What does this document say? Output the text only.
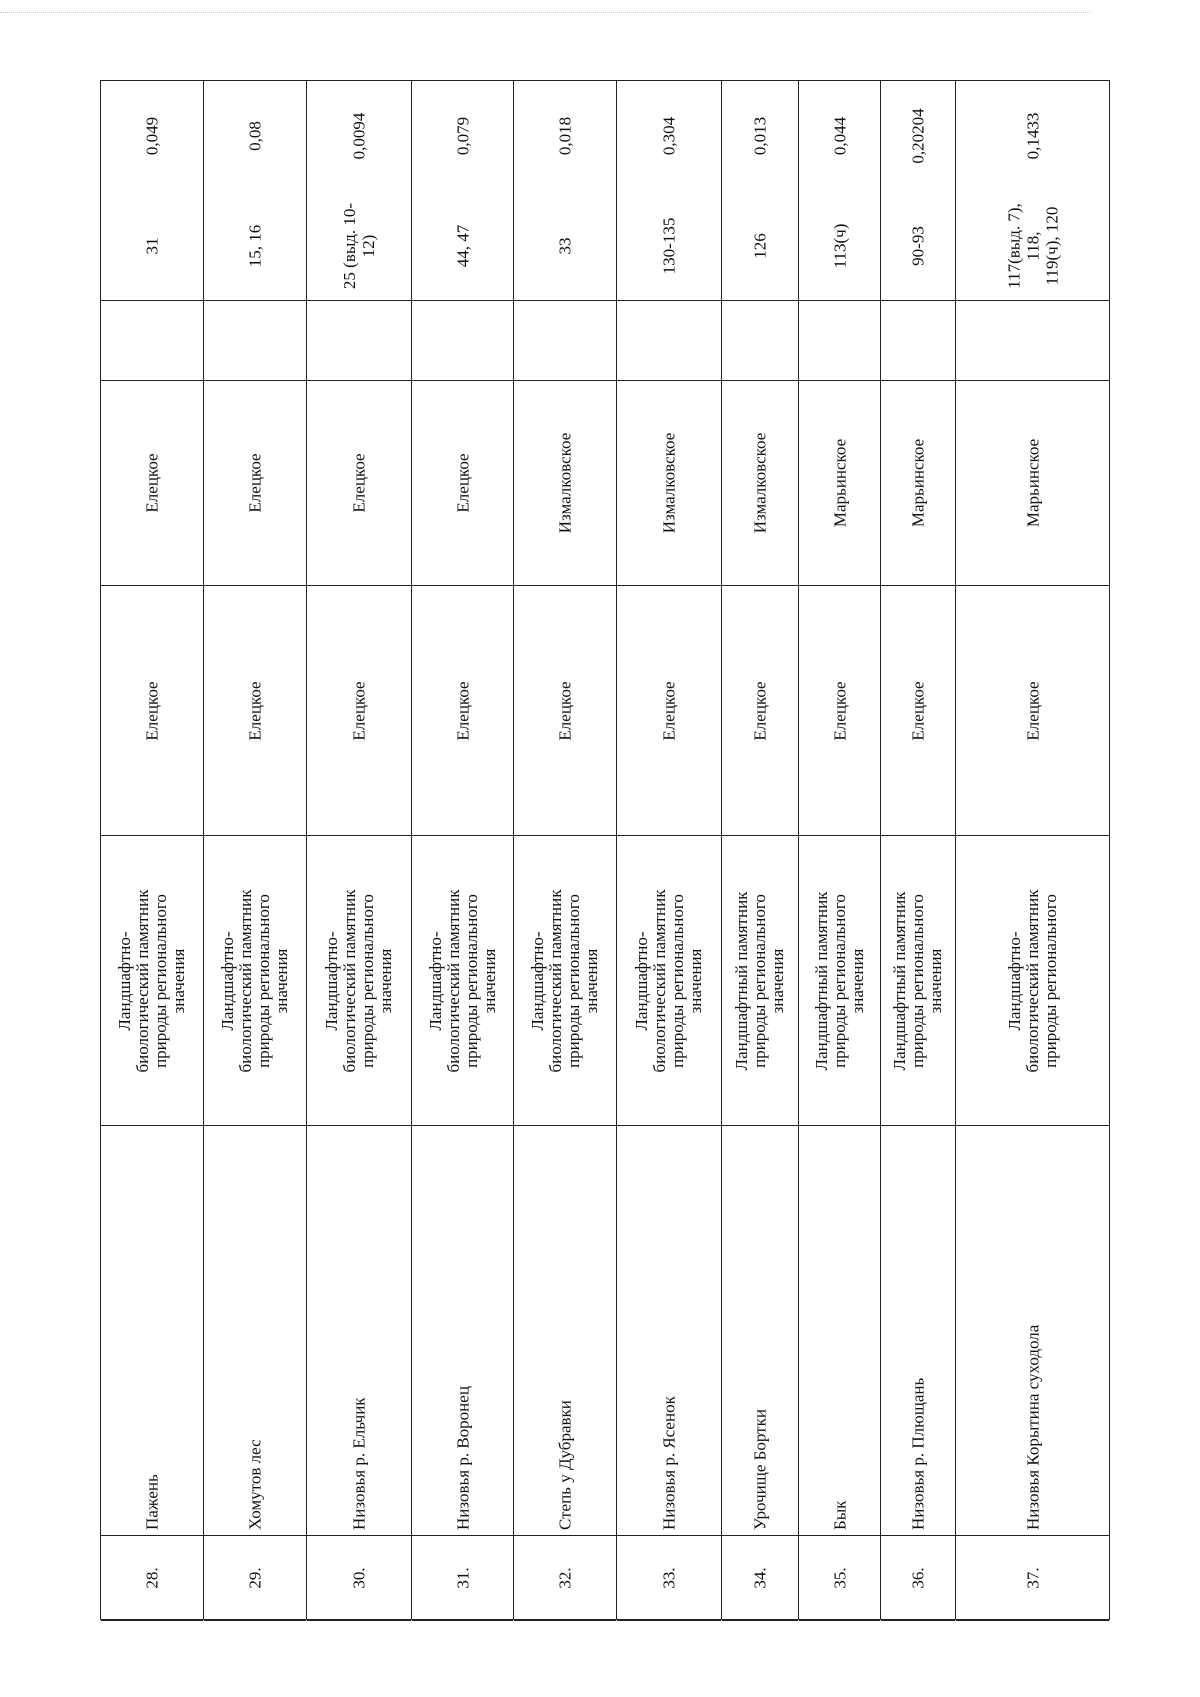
28.
Пажень
Ландшафтно-
биологический памятник
природы регионального
значения
Елецкое
Елецкое
31
0,049
29.
Хомутов лес
Ландшафтно-
биологический памятник
природы регионального
значения
Елецкое
Елецкое
15, 16
0,08
30.
Низовья р. Ельчик
Ландшафтно-
биологический памятник
природы регионального
значения
Елецкое
Елецкое
25 (выд. 10-12)
0,0094
31.
Низовья р. Воронец
Ландшафтно-
биологический памятник
природы регионального
значения
Елецкое
Елецкое
44, 47
0,079
32.
Степь у Дубравки
Ландшафтно-
биологический памятник
природы регионального
значения
Елецкое
Измалковское
33
0,018
33.
Низовья р. Ясенок
Ландшафтно-
биологический памятник
природы регионального
значения
Елецкое
Измалковское
130-135
0,304
34.
Урочище Бортки
Ландшафтный памятник
природы регионального
значения
Елецкое
Измалковское
126
0,013
35.
Бык
Ландшафтный памятник
природы регионального
значения
Елецкое
Марьинское
113(ч)
0,044
36.
Низовья р. Плющань
Ландшафтный памятник
природы регионального
значения
Елецкое
Марьинское
90-93
0,20204
37.
Низовья Корытина суходола
Ландшафтно-
биологический памятник
природы регионального
Елецкое
Марьинское
117(выд. 7), 118,
119(ч), 120
0,1433
